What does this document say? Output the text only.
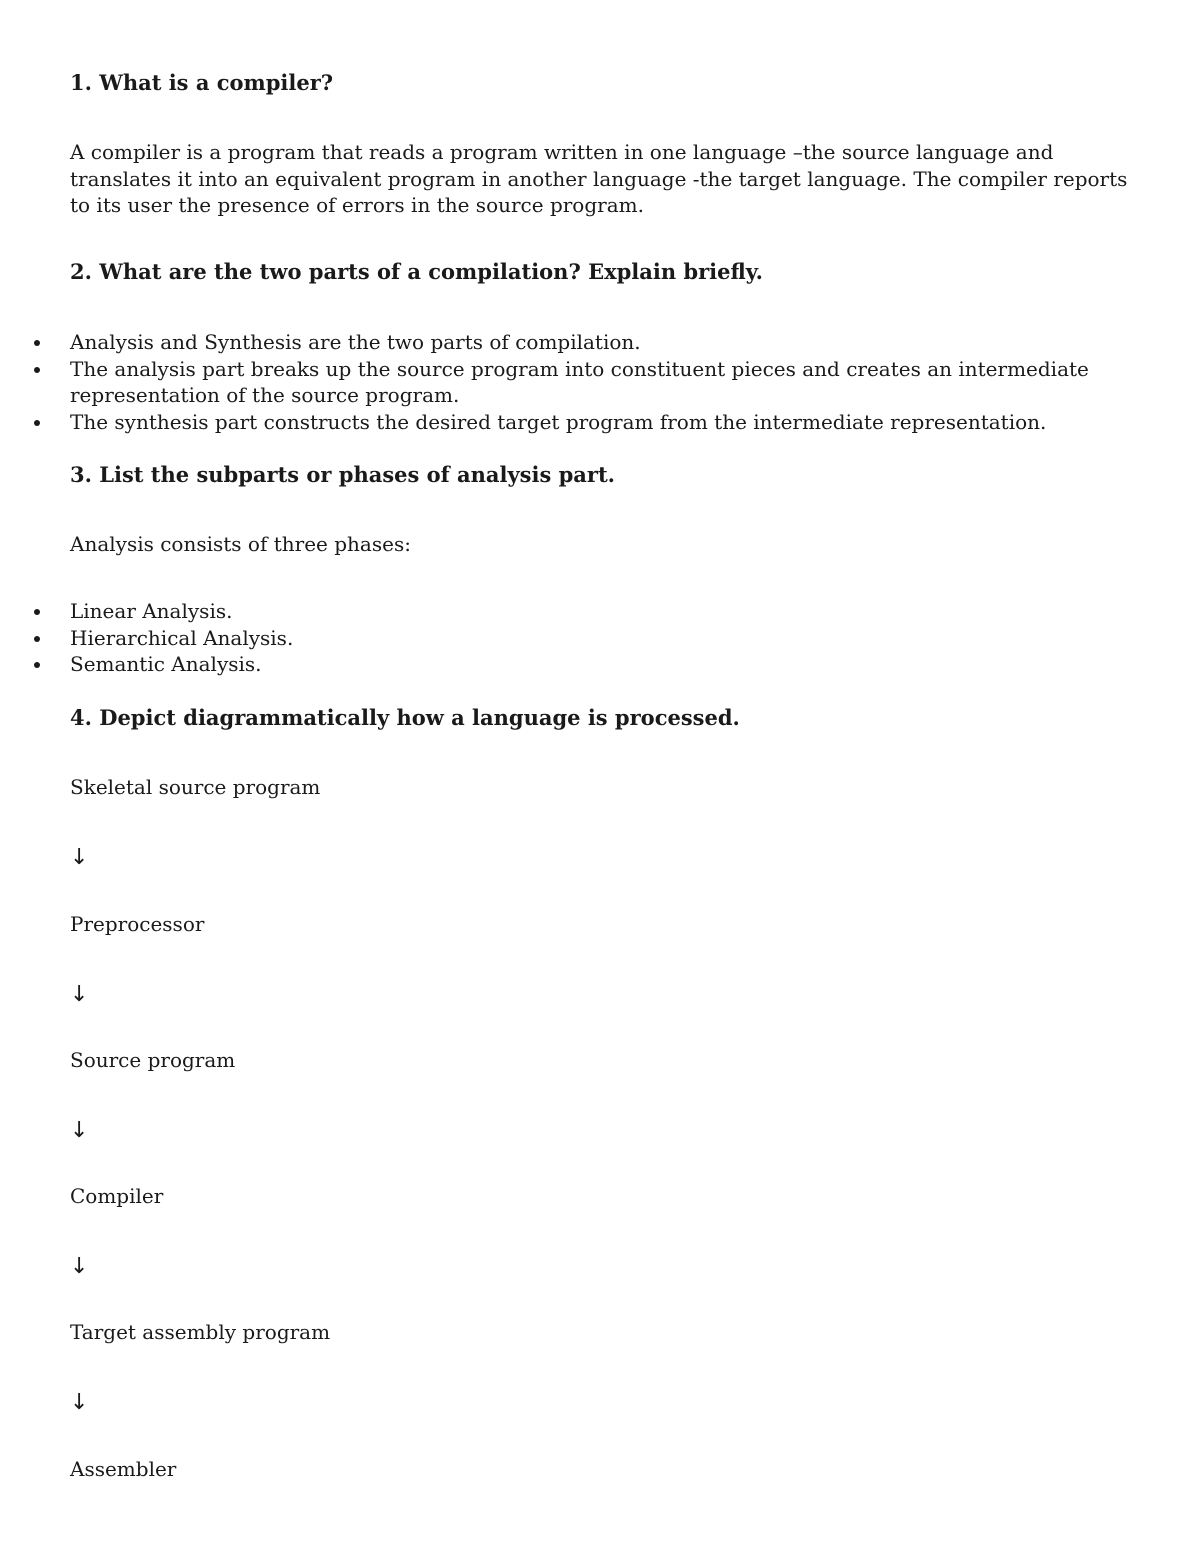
1. What is a compiler?

A compiler is a program that reads a program written in one language –the source language and translates it into an equivalent program in another language -the target language. The compiler reports to its user the presence of errors in the source program.

2. What are the two parts of a compilation? Explain briefly.
Analysis and Synthesis are the two parts of compilation.
The analysis part breaks up the source program into constituent pieces and creates an intermediate representation of the source program.
The synthesis part constructs the desired target program from the intermediate representation.
3. List the subparts or phases of analysis part.

Analysis consists of three phases:

Linear Analysis.
Hierarchical Analysis.
Semantic Analysis.
4. Depict diagrammatically how a language is processed.

Skeletal source program

↓

Preprocessor

↓

Source program

↓

Compiler

↓

Target assembly program

↓

Assembler
